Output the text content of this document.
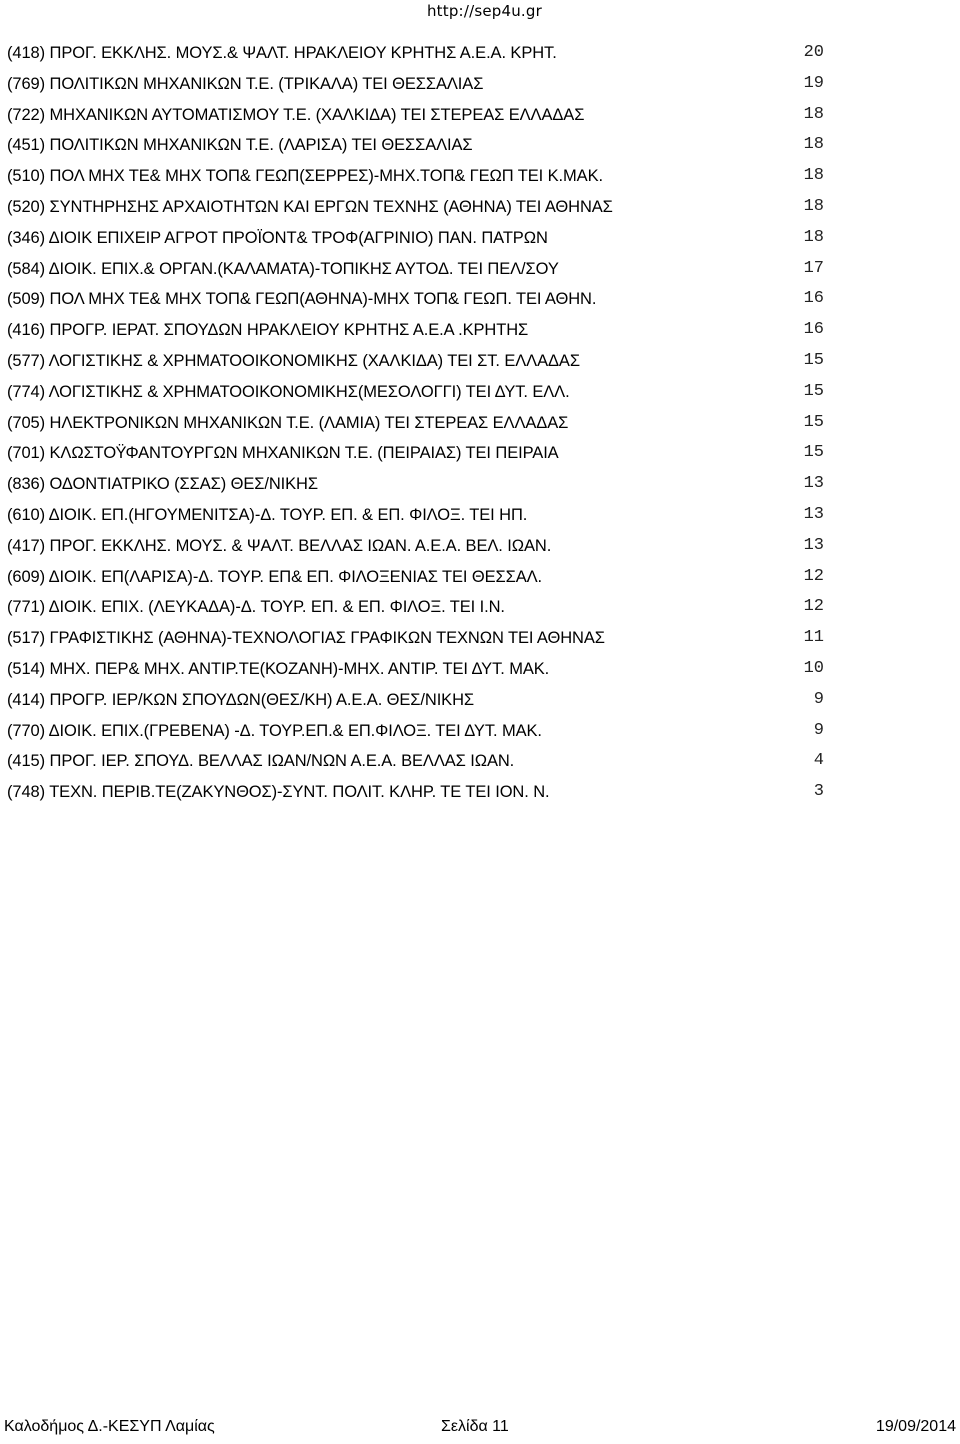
http://sep4u.gr
(418) ΠΡΟΓ. ΕΚΚΛΗΣ. ΜΟΥΣ.& ΨΑΛΤ. ΗΡΑΚΛΕΙΟΥ ΚΡΗΤΗΣ Α.Ε.Α. ΚΡΗΤ.	20
(769) ΠΟΛΙΤΙΚΩΝ ΜΗΧΑΝΙΚΩΝ Τ.Ε. (ΤΡΙΚΑΛΑ) ΤΕΙ ΘΕΣΣΑΛΙΑΣ	19
(722) ΜΗΧΑΝΙΚΩΝ ΑΥΤΟΜΑΤΙΣΜΟΥ Τ.Ε. (ΧΑΛΚΙΔΑ) ΤΕΙ ΣΤΕΡΕΑΣ ΕΛΛΑΔΑΣ	18
(451) ΠΟΛΙΤΙΚΩΝ ΜΗΧΑΝΙΚΩΝ Τ.Ε. (ΛΑΡΙΣΑ) ΤΕΙ ΘΕΣΣΑΛΙΑΣ	18
(510) ΠΟΛ ΜΗΧ ΤΕ& ΜΗΧ ΤΟΠ& ΓΕΩΠ(ΣΕΡΡΕΣ)-ΜΗΧ.ΤΟΠ& ΓΕΩΠ ΤΕΙ Κ.ΜΑΚ.	18
(520) ΣΥΝΤΗΡΗΣΗΣ ΑΡΧΑΙΟΤΗΤΩΝ ΚΑΙ ΕΡΓΩΝ ΤΕΧΝΗΣ (ΑΘΗΝΑ) ΤΕΙ ΑΘΗΝΑΣ	18
(346) ΔΙΟΙΚ ΕΠΙΧΕΙΡ ΑΓΡΟΤ ΠΡΟΪΟΝΤ& ΤΡΟΦ(ΑΓΡΙΝΙΟ) ΠΑΝ. ΠΑΤΡΩΝ	18
(584) ΔΙΟΙΚ. ΕΠΙΧ.& ΟΡΓΑΝ.(ΚΑΛΑΜΑΤΑ)-ΤΟΠΙΚΗΣ ΑΥΤΟΔ. ΤΕΙ ΠΕΛ/ΣΟΥ	17
(509) ΠΟΛ ΜΗΧ ΤΕ& ΜΗΧ ΤΟΠ& ΓΕΩΠ(ΑΘΗΝΑ)-ΜΗΧ ΤΟΠ& ΓΕΩΠ. ΤΕΙ ΑΘΗΝ.	16
(416) ΠΡΟΓΡ. ΙΕΡΑΤ. ΣΠΟΥΔΩΝ ΗΡΑΚΛΕΙΟΥ ΚΡΗΤΗΣ Α.Ε.Α .ΚΡΗΤΗΣ	16
(577) ΛΟΓΙΣΤΙΚΗΣ & ΧΡΗΜΑΤΟΟΙΚΟΝΟΜΙΚΗΣ (ΧΑΛΚΙΔΑ) ΤΕΙ ΣΤ. ΕΛΛΑΔΑΣ	15
(774) ΛΟΓΙΣΤΙΚΗΣ & ΧΡΗΜΑΤΟΟΙΚΟΝΟΜΙΚΗΣ(ΜΕΣΟΛΟΓΓΙ) ΤΕΙ ΔΥΤ. ΕΛΛ.	15
(705) ΗΛΕΚΤΡΟΝΙΚΩΝ ΜΗΧΑΝΙΚΩΝ Τ.Ε. (ΛΑΜΙΑ) ΤΕΙ ΣΤΕΡΕΑΣ ΕΛΛΑΔΑΣ	15
(701) ΚΛΩΣΤΟΫΦΑΝΤΟΥΡΓΩΝ ΜΗΧΑΝΙΚΩΝ Τ.Ε. (ΠΕΙΡΑΙΑΣ) ΤΕΙ ΠΕΙΡΑΙΑ	15
(836) ΟΔΟΝΤΙΑΤΡΙΚΟ (ΣΣΑΣ) ΘΕΣ/ΝΙΚΗΣ	13
(610) ΔΙΟΙΚ. ΕΠ.(ΗΓΟΥΜΕΝΙΤΣΑ)-Δ. ΤΟΥΡ. ΕΠ. & ΕΠ. ΦΙΛΟΞ. ΤΕΙ ΗΠ.	13
(417) ΠΡΟΓ. ΕΚΚΛΗΣ. ΜΟΥΣ. & ΨΑΛΤ. ΒΕΛΛΑΣ ΙΩΑΝ. Α.Ε.Α. ΒΕΛ. ΙΩΑΝ.	13
(609) ΔΙΟΙΚ. ΕΠ(ΛΑΡΙΣΑ)-Δ. ΤΟΥΡ. ΕΠ& ΕΠ. ΦΙΛΟΞΕΝΙΑΣ ΤΕΙ ΘΕΣΣΑΛ.	12
(771) ΔΙΟΙΚ. ΕΠΙΧ. (ΛΕΥΚΑΔΑ)-Δ. ΤΟΥΡ. ΕΠ. & ΕΠ. ΦΙΛΟΞ. ΤΕΙ Ι.Ν.	12
(517) ΓΡΑΦΙΣΤΙΚΗΣ (ΑΘΗΝΑ)-ΤΕΧΝΟΛΟΓΙΑΣ ΓΡΑΦΙΚΩΝ ΤΕΧΝΩΝ ΤΕΙ ΑΘΗΝΑΣ	11
(514) ΜΗΧ. ΠΕΡ& ΜΗΧ. ΑΝΤΙΡ.ΤΕ(ΚΟΖΑΝΗ)-ΜΗΧ. ΑΝΤΙΡ. ΤΕΙ ΔΥΤ. ΜΑΚ.	10
(414) ΠΡΟΓΡ. ΙΕΡ/ΚΩΝ ΣΠΟΥΔΩΝ(ΘΕΣ/ΚΗ) Α.Ε.Α. ΘΕΣ/ΝΙΚΗΣ	9
(770) ΔΙΟΙΚ. ΕΠΙΧ.(ΓΡΕΒΕΝΑ) -Δ. ΤΟΥΡ.ΕΠ.& ΕΠ.ΦΙΛΟΞ. ΤΕΙ ΔΥΤ. ΜΑΚ.	9
(415) ΠΡΟΓ. ΙΕΡ. ΣΠΟΥΔ. ΒΕΛΛΑΣ ΙΩΑΝ/ΝΩΝ Α.Ε.Α. ΒΕΛΛΑΣ ΙΩΑΝ.	4
(748) ΤΕΧΝ. ΠΕΡΙΒ.ΤΕ(ΖΑΚΥΝΘΟΣ)-ΣΥΝΤ. ΠΟΛΙΤ. ΚΛΗΡ. ΤΕ ΤΕΙ ΙΟΝ. Ν.	3
Καλοδήμος Δ.-ΚΕΣΥΠ Λαμίας	Σελίδα 11	19/09/2014
